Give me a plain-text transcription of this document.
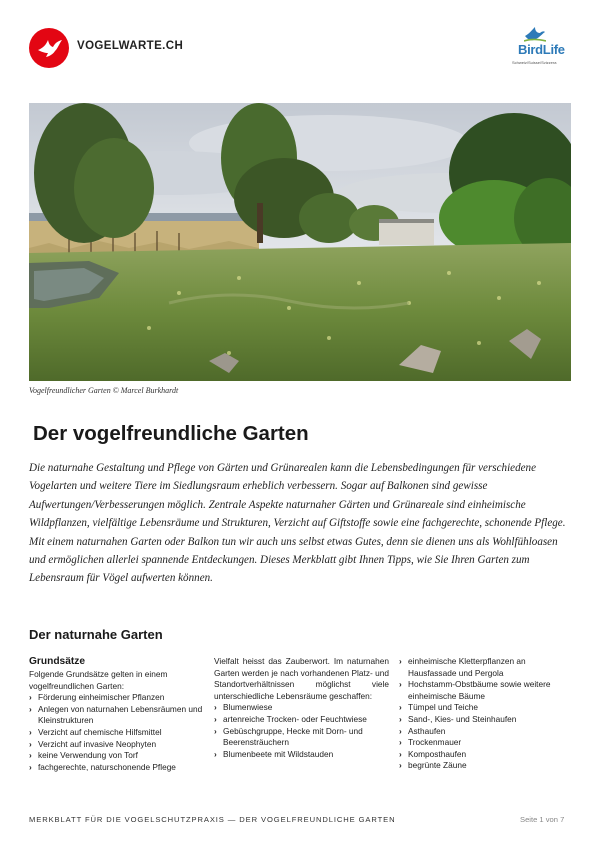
VOGELWARTE.CH	BirdLife
Schweiz/Suisse/Svizzera
Vogelfreundlicher Garten © Marcel Burkhardt
Der vogelfreundliche Garten

Die naturnahe Gestaltung und Pflege von Gärten und Grünarealen kann die Lebensbedingungen für verschiedene Vogelarten und weitere Tiere im Siedlungsraum erheblich verbessern. Sogar auf Balkonen sind gewisse Aufwertungen/Verbesserungen möglich. Zentrale Aspekte naturnaher Gärten und Grünareale sind einheimische Wildpflanzen, vielfältige Lebensräume und Strukturen, Verzicht auf Giftstoffe sowie eine fachgerechte, schonende Pflege. Mit einem naturnahen Garten oder Balkon tun wir auch uns selbst etwas Gutes, denn sie dienen uns als Wohlfühloasen und ermöglichen allerlei spannende Entdeckungen. Dieses Merkblatt gibt Ihnen Tipps, wie Sie Ihren Garten zum Lebensraum für Vögel aufwerten können.

Der naturnahe Garten
Grundsätze

Folgende Grundsätze gelten in einem vogelfreundlichen Garten:

› Förderung einheimischer Pflanzen
› Anlegen von naturnahen Lebensräumen und Kleinstrukturen
› Verzicht auf chemische Hilfsmittel
› Verzicht auf invasive Neophyten
› keine Verwendung von Torf
› fachgerechte, naturschonende Pflege

Vielfalt heisst das Zauberwort. Im naturnahen Garten werden je nach vorhandenen Platz- und Standortverhältnissen möglichst viele unterschiedliche Lebensräume geschaffen:

› Blumenwiese
› artenreiche Trocken- oder Feuchtwiese
› Gebüschgruppe, Hecke mit Dorn- und Beerensträuchern
› Blumenbeete mit Wildstauden
› einheimische Kletterpflanzen an Hausfassade und Pergola
› Hochstamm-Obstbäume sowie weitere einheimische Bäume
› Tümpel und Teiche
› Sand-, Kies- und Steinhaufen
› Asthaufen
› Trockenmauer
› Komposthaufen
› begrünte Zäune
MERKBLATT FÜR DIE VOGELSCHUTZPRAXIS — DER VOGELFREUNDLICHE GARTEN	Seite 1 von 7
